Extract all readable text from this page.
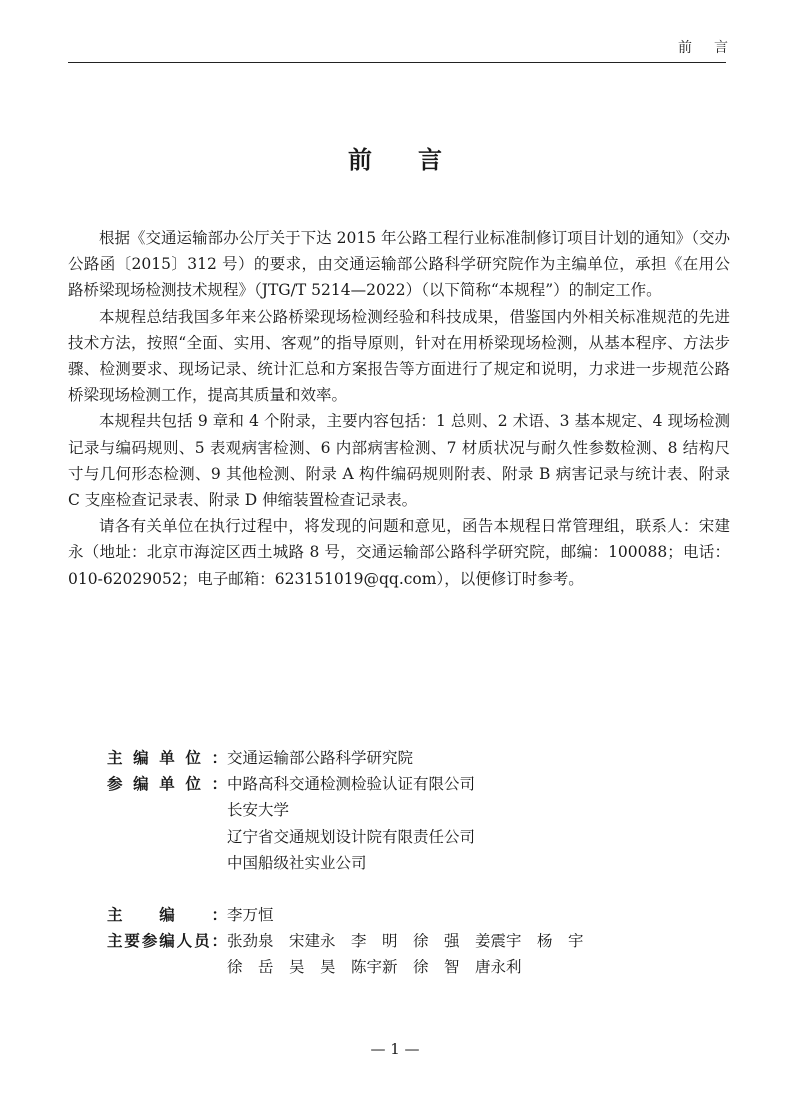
前言
前言

根据《交通运输部办公厅关于下达 2015 年公路工程行业标准制修订项目计划的通知》（交办公路函〔2015〕312 号）的要求，由交通运输部公路科学研究院作为主编单位，承担《在用公路桥梁现场检测技术规程》（JTG/T 5214—2022）（以下简称“本规程”）的制定工作。

本规程总结我国多年来公路桥梁现场检测经验和科技成果，借鉴国内外相关标准规范的先进技术方法，按照“全面、实用、客观”的指导原则，针对在用桥梁现场检测，从基本程序、方法步骤、检测要求、现场记录、统计汇总和方案报告等方面进行了规定和说明，力求进一步规范公路桥梁现场检测工作，提高其质量和效率。

本规程共包括 9 章和 4 个附录，主要内容包括：1 总则、2 术语、3 基本规定、4 现场检测记录与编码规则、5 表观病害检测、6 内部病害检测、7 材质状况与耐久性参数检测、8 结构尺寸与几何形态检测、9 其他检测、附录 A 构件编码规则附表、附录 B 病害记录与统计表、附录 C 支座检查记录表、附录 D 伸缩装置检查记录表。

请各有关单位在执行过程中，将发现的问题和意见，函告本规程日常管理组，联系人：宋建永（地址：北京市海淀区西土城路 8 号，交通运输部公路科学研究院，邮编：100088；电话：010-62029052；电子邮箱：623151019@qq.com），以便修订时参考。

主编单位： 交通运输部公路科学研究院
参编单位： 中路高科交通检测检验认证有限公司
长安大学
辽宁省交通规划设计院有限责任公司
中国船级社实业公司
主编： 李万恒
主要参编人员： 张劲泉　宋建永　李　明　徐　强　姜震宇　杨　宇
徐　岳　吴　昊　陈宇新　徐　智　唐永利
— 1 —
